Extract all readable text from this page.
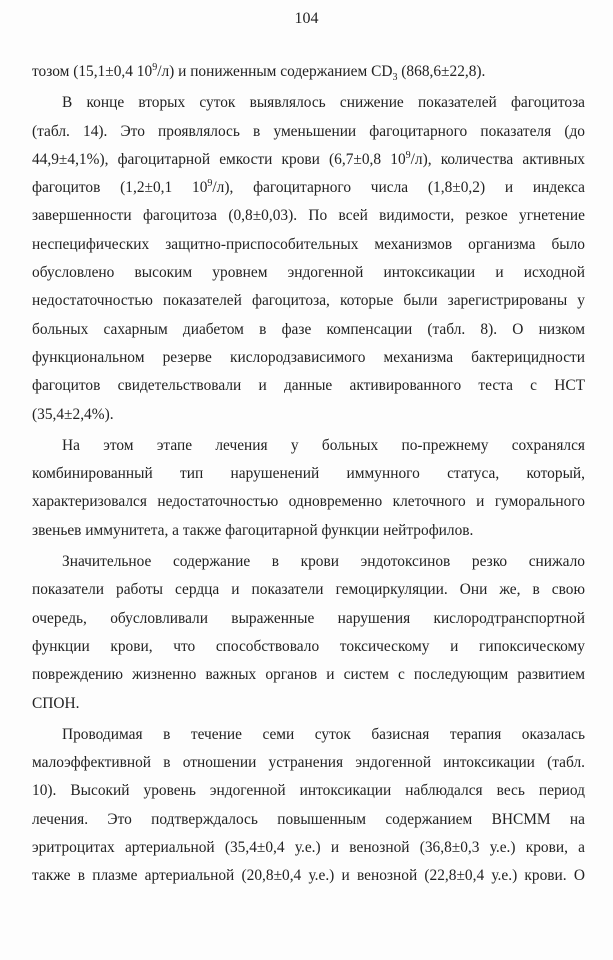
104
тозом (15,1±0,4 $10^9/л$) и пониженным содержанием $CD_3$ (868,6±22,8).
В конце вторых суток выявлялось снижение показателей фагоцитоза
(табл. 14). Это проявлялось в уменьшении фагоцитарного показателя (до
44,9±4,1%), фагоцитарной емкости крови (6,7±0,8 $10^9/л$), количества активных
фагоцитов (1,2±0,1 $10^9/л$), фагоцитарного числа (1,8±0,2) и индекса
завершенности фагоцитоза (0,8±0,03). По всей видимости, резкое угнетение
неспецифических защитно-приспособительных механизмов организма было
обусловлено высоким уровнем эндогенной интоксикации и исходной
недостаточностью показателей фагоцитоза, которые были зарегистрированы у
больных сахарным диабетом в фазе компенсации (табл. 8). О низком
функциональном резерве кислородзависимого механизма бактерицидности
фагоцитов свидетельствовали и данные активированного теста с НСТ
(35,4±2,4%).
На этом этапе лечения у больных по-прежнему сохранялся
комбинированный тип нарушенений иммунного статуса, который,
характеризовался недостаточностью одновременно клеточного и гуморального
звеньев иммунитета, а также фагоцитарной функции нейтрофилов.
Значительное содержание в крови эндотоксинов резко снижало
показатели работы сердца и показатели гемоциркуляции. Они же, в свою
очередь, обусловливали выраженные нарушения кислородтранспортной
функции крови, что способствовало токсическому и гипоксическому
повреждению жизненно важных органов и систем с последующим развитием
СПОН.
Проводимая в течение семи суток базисная терапия оказалась
малоэффективной в отношении устранения эндогенной интоксикации (табл.
10). Высокий уровень эндогенной интоксикации наблюдался весь период
лечения. Это подтверждалось повышенным содержанием ВНСММ на
эритроцитах артериальной (35,4±0,4 у.е.) и венозной (36,8±0,3 у.е.) крови, а
также в плазме артериальной (20,8±0,4 у.е.) и венозной (22,8±0,4 у.е.) крови. О
